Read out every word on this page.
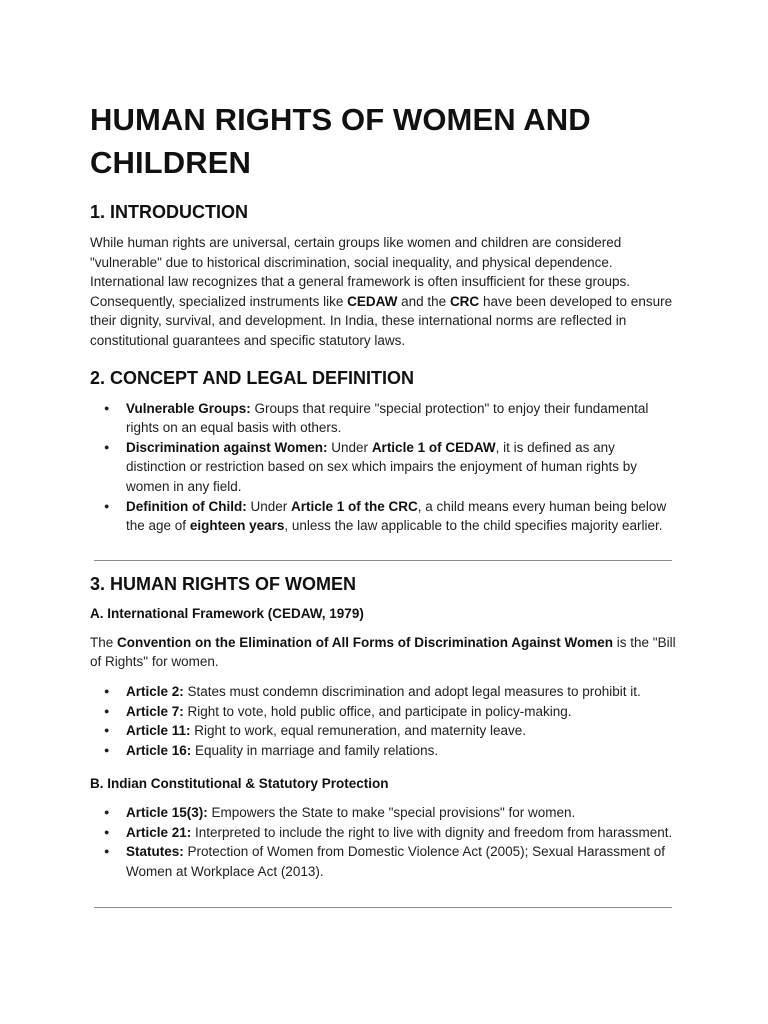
HUMAN RIGHTS OF WOMEN AND CHILDREN
1. INTRODUCTION

While human rights are universal, certain groups like women and children are considered "vulnerable" due to historical discrimination, social inequality, and physical dependence. International law recognizes that a general framework is often insufficient for these groups. Consequently, specialized instruments like CEDAW and the CRC have been developed to ensure their dignity, survival, and development. In India, these international norms are reflected in constitutional guarantees and specific statutory laws.

2. CONCEPT AND LEGAL DEFINITION
● Vulnerable Groups: Groups that require "special protection" to enjoy their fundamental rights on an equal basis with others.
● Discrimination against Women: Under Article 1 of CEDAW, it is defined as any distinction or restriction based on sex which impairs the enjoyment of human rights by women in any field.
● Definition of Child: Under Article 1 of the CRC, a child means every human being below the age of eighteen years, unless the law applicable to the child specifies majority earlier.
3. HUMAN RIGHTS OF WOMEN
A. International Framework (CEDAW, 1979)

The Convention on the Elimination of All Forms of Discrimination Against Women is the "Bill of Rights" for women.

● Article 2: States must condemn discrimination and adopt legal measures to prohibit it.
● Article 7: Right to vote, hold public office, and participate in policy-making.
● Article 11: Right to work, equal remuneration, and maternity leave.
● Article 16: Equality in marriage and family relations.
B. Indian Constitutional & Statutory Protection
● Article 15(3): Empowers the State to make "special provisions" for women.
● Article 21: Interpreted to include the right to live with dignity and freedom from harassment.
● Statutes: Protection of Women from Domestic Violence Act (2005); Sexual Harassment of Women at Workplace Act (2013).
